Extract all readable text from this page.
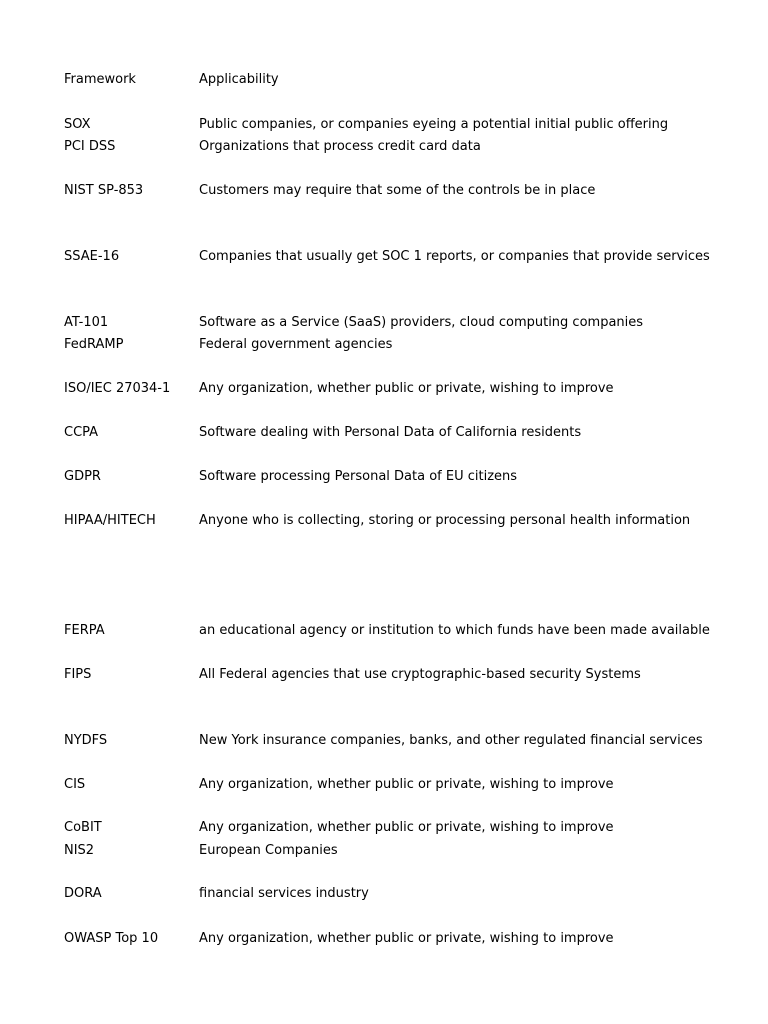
Framework	Applicability
SOX	Public companies, or companies eyeing a potential initial public offering
PCI DSS	Organizations that process credit card data
NIST SP-853	Customers may require that some of the controls be in place
SSAE-16	Companies that usually get SOC 1 reports, or companies that provide services
AT-101	Software as a Service (SaaS) providers, cloud computing companies
FedRAMP	Federal government agencies
ISO/IEC 27034-1	Any organization, whether public or private, wishing to improve
CCPA	Software dealing with Personal Data of California residents
GDPR	Software processing Personal Data of EU citizens
HIPAA/HITECH	Anyone who is collecting, storing or processing personal health information
FERPA	an educational agency or institution to which funds have been made available
FIPS	All Federal agencies that use cryptographic-based security Systems
NYDFS	New York insurance companies, banks, and other regulated financial services
CIS	Any organization, whether public or private, wishing to improve
CoBIT	Any organization, whether public or private, wishing to improve
NIS2	European Companies
DORA	financial services industry
OWASP Top 10	Any organization, whether public or private, wishing to improve
